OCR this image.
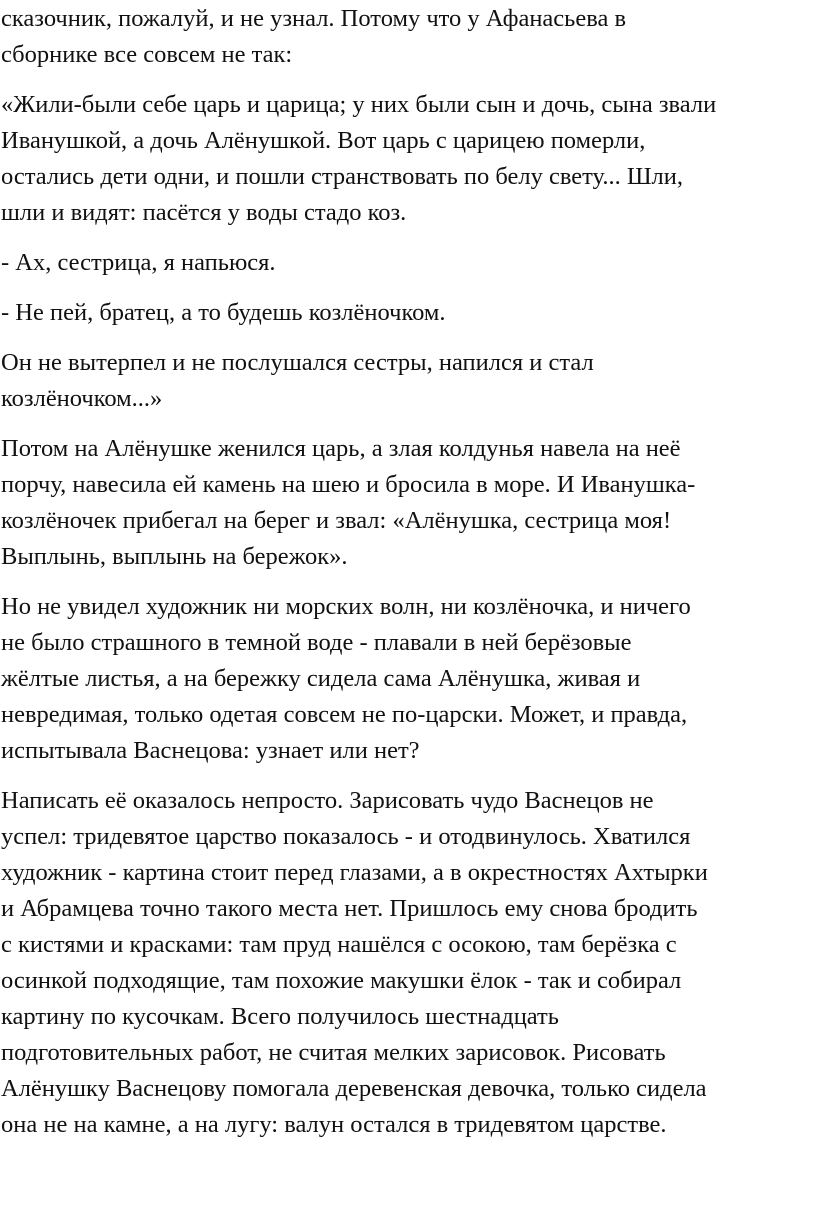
сказочник, пожалуй, и не узнал. Потому что у Афанасьева в
сборнике все совсем не так:

«Жили-были себе царь и царица; у них были сын и дочь, сына звали
Иванушкой, а дочь Алёнушкой. Вот царь с царицею померли,
остались дети одни, и пошли странствовать по белу свету... Шли,
шли и видят: пасётся у воды стадо коз.

- Ах, сестрица, я напьюся.

- Не пей, братец, а то будешь козлёночком.

Он не вытерпел и не послушался сестры, напился и стал
козлёночком...»

Потом на Алёнушке женился царь, а злая колдунья навела на неё
порчу, навесила ей камень на шею и бросила в море. И Иванушка-
козлёночек прибегал на берег и звал: «Алёнушка, сестрица моя!
Выплынь, выплынь на бережок».

Но не увидел художник ни морских волн, ни козлёночка, и ничего
не было страшного в темной воде - плавали в ней берёзовые
жёлтые листья, а на бережку сидела сама Алёнушка, живая и
невредимая, только одетая совсем не по-царски. Может, и правда,
испытывала Васнецова: узнает или нет?

Написать её оказалось непросто. Зарисовать чудо Васнецов не
успел: тридевятое царство показалось - и отодвинулось. Хватился
художник - картина стоит перед глазами, а в окрестностях Ахтырки
и Абрамцева точно такого места нет. Пришлось ему снова бродить
с кистями и красками: там пруд нашёлся с осокою, там берёзка с
осинкой подходящие, там похожие макушки ёлок - так и собирал
картину по кусочкам. Всего получилось шестнадцать
подготовительных работ, не считая мелких зарисовок. Рисовать
Алёнушку Васнецову помогала деревенская девочка, только сидела
она не на камне, а на лугу: валун остался в тридевятом царстве.
